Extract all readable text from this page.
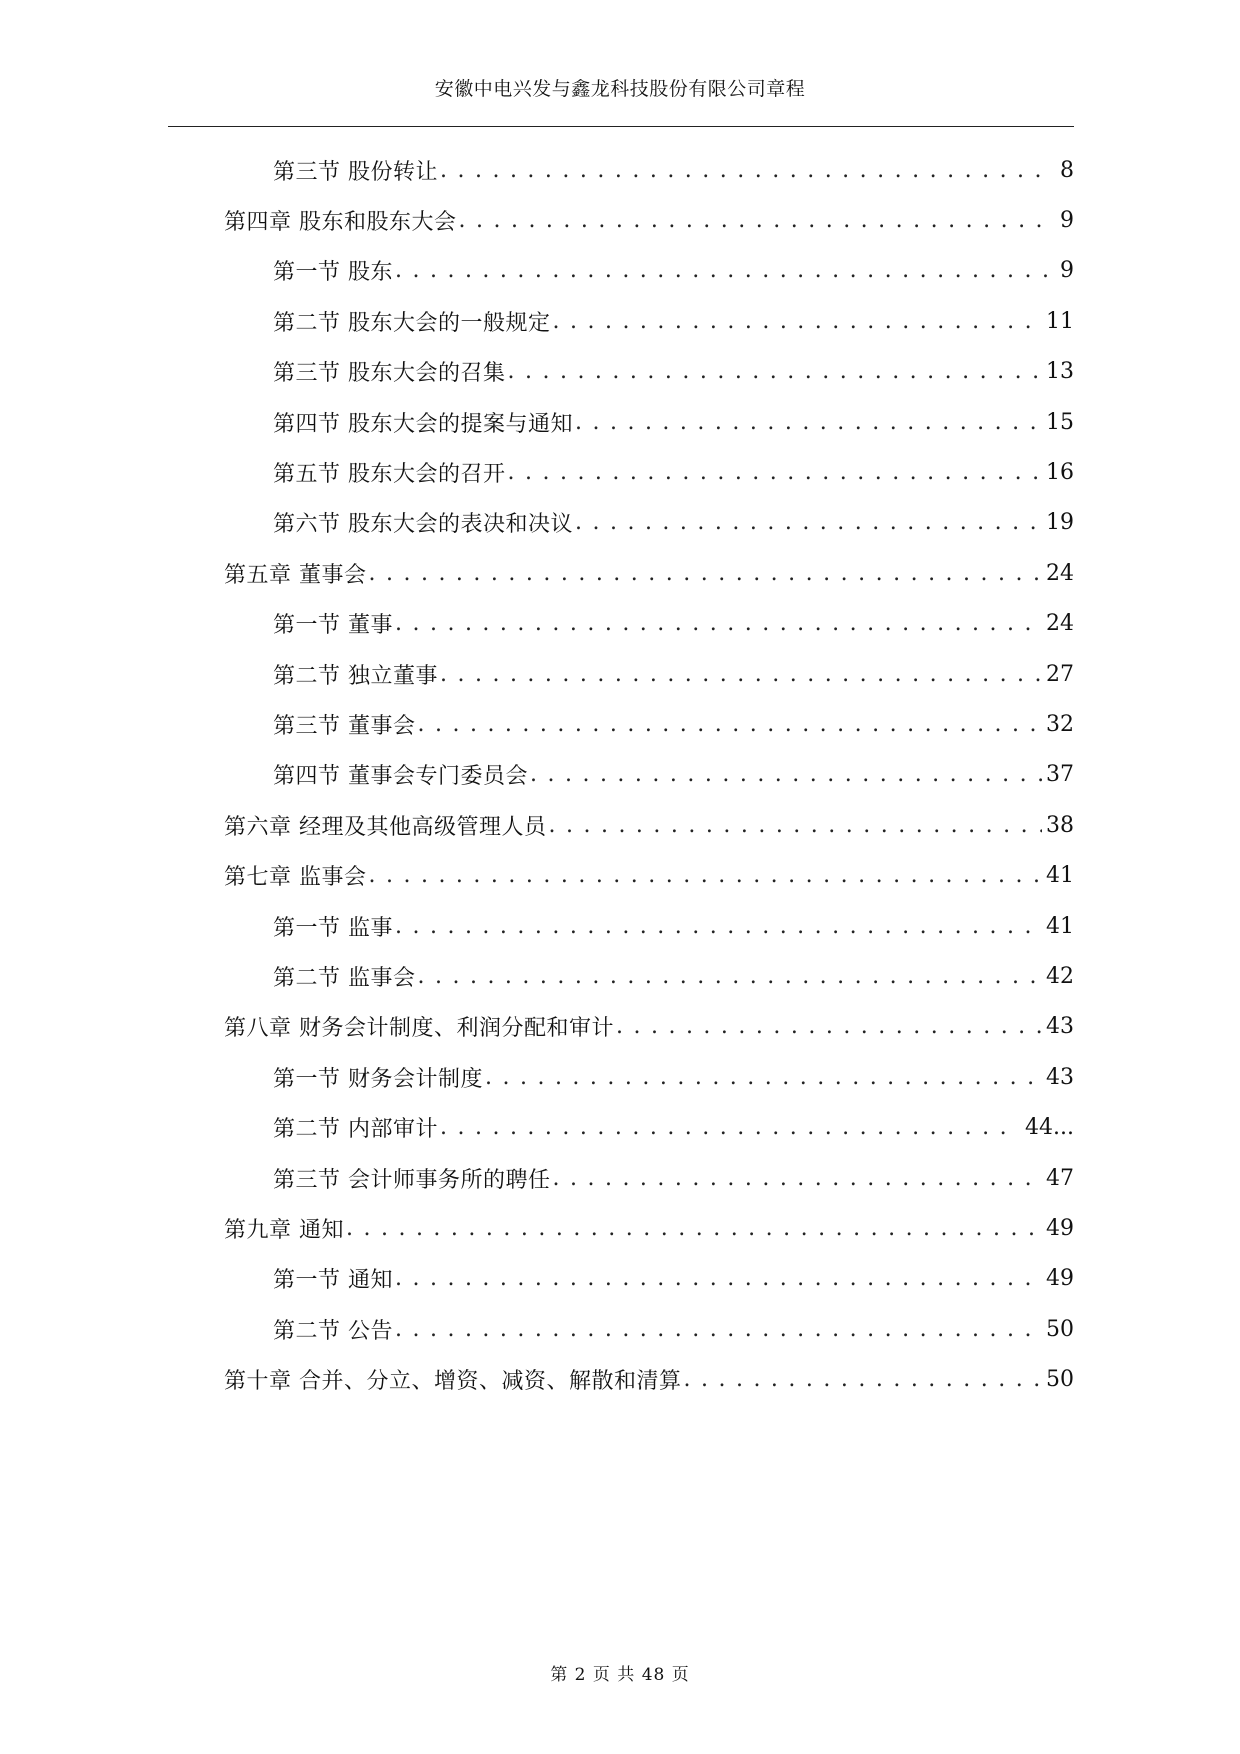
安徽中电兴发与鑫龙科技股份有限公司章程
第三节 股份转让 . . .	8
第四章 股东和股东大会 . . .	9
第一节 股东 . . .	9
第二节 股东大会的一般规定 . . .	11
第三节 股东大会的召集 . . .	13
第四节 股东大会的提案与通知 . . .	15
第五节 股东大会的召开 . . .	16
第六节 股东大会的表决和决议 . . .	19
第五章 董事会 . . .	24
第一节 董事 . . .	24
第二节 独立董事 . . .	27
第三节 董事会 . . .	32
第四节 董事会专门委员会 . . .	37
第六章 经理及其他高级管理人员 . . .	38
第七章 监事会 . . .	41
第一节 监事 . . .	41
第二节 监事会 . . .	42
第八章 财务会计制度、利润分配和审计 . . .	43
第一节 财务会计制度 . . .	43
第二节 内部审计 . . .	44...
第三节 会计师事务所的聘任 . . .	47
第九章 通知 . . .	49
第一节 通知 . . .	49
第二节 公告 . . .	50
第十章 合并、分立、增资、减资、解散和清算 . . .	50
第 2 页 共 48 页
